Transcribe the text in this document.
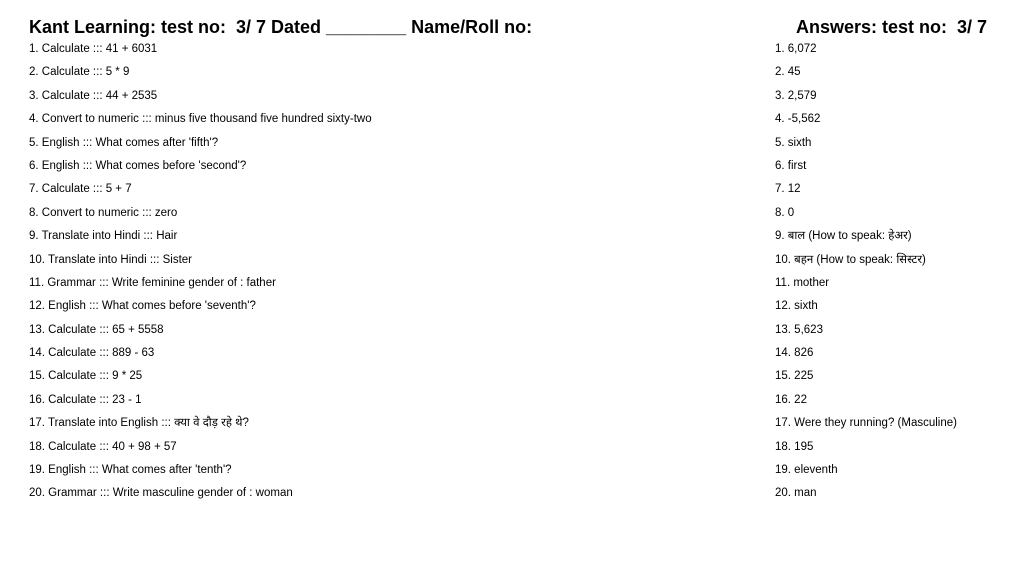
Kant Learning: test no:  3/ 7 Dated ________ Name/Roll no:	Answers: test no:  3/ 7
1. Calculate ::: 41 + 6031
2. Calculate ::: 5 * 9
3. Calculate ::: 44 + 2535
4. Convert to numeric ::: minus five thousand five hundred sixty-two
5. English ::: What comes after 'fifth'?
6. English ::: What comes before 'second'?
7. Calculate ::: 5 + 7
8. Convert to numeric ::: zero
9. Translate into Hindi ::: Hair
10. Translate into Hindi ::: Sister
11. Grammar ::: Write feminine gender of : father
12. English ::: What comes before 'seventh'?
13. Calculate ::: 65 + 5558
14. Calculate ::: 889 - 63
15. Calculate ::: 9 * 25
16. Calculate ::: 23 - 1
17. Translate into English ::: क्या वे दौड़ रहे थे?
18. Calculate ::: 40 + 98 + 57
19. English ::: What comes after 'tenth'?
20. Grammar ::: Write masculine gender of : woman
1. 6,072
2. 45
3. 2,579
4. -5,562
5. sixth
6. first
7. 12
8. 0
9. बाल (How to speak: हेअर)
10. बहन (How to speak: सिस्टर)
11. mother
12. sixth
13. 5,623
14. 826
15. 225
16. 22
17. Were they running? (Masculine)
18. 195
19. eleventh
20. man
